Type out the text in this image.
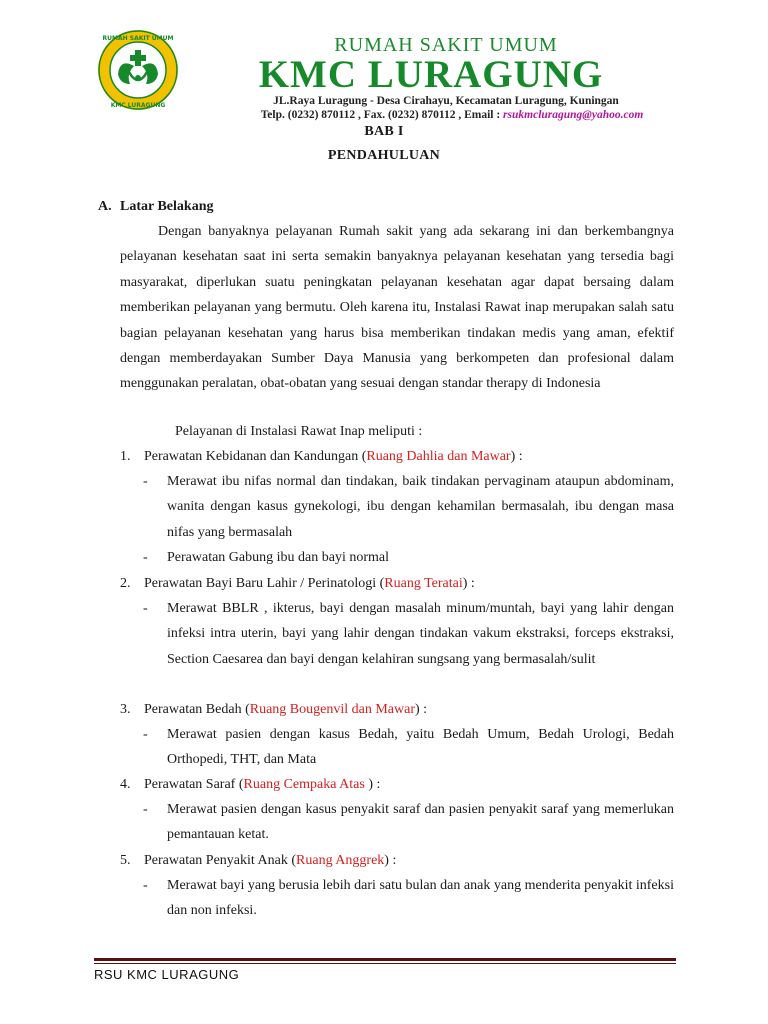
RUMAH SAKIT UMUM
KMC LURAGUNG
RUMAH SAKIT UMUM
KMC LURAGUNG
JL.Raya Luragung - Desa Cirahayu, Kecamatan Luragung, Kuningan
Telp. (0232) 870112 , Fax. (0232) 870112 , Email : rsukmcluragung@yahoo.com
BAB I
PENDAHULUAN
A. Latar Belakang
Dengan banyaknya pelayanan Rumah sakit yang ada sekarang ini dan berkembangnya pelayanan kesehatan saat ini serta semakin banyaknya pelayanan kesehatan yang tersedia bagi masyarakat, diperlukan suatu peningkatan pelayanan kesehatan agar dapat bersaing dalam memberikan pelayanan yang bermutu. Oleh karena itu, Instalasi Rawat inap merupakan salah satu bagian pelayanan kesehatan yang harus bisa memberikan tindakan medis yang aman, efektif dengan memberdayakan Sumber Daya Manusia yang berkompeten dan profesional dalam menggunakan peralatan, obat-obatan yang sesuai dengan standar therapy di Indonesia
Pelayanan di Instalasi Rawat Inap meliputi :
1. Perawatan Kebidanan dan Kandungan (Ruang Dahlia dan Mawar) :
- Merawat ibu nifas normal dan tindakan, baik tindakan pervaginam ataupun abdominam, wanita dengan kasus gynekologi, ibu dengan kehamilan bermasalah, ibu dengan masa nifas yang bermasalah
- Perawatan Gabung ibu dan bayi normal
2. Perawatan Bayi Baru Lahir / Perinatologi (Ruang Teratai) :
- Merawat BBLR , ikterus, bayi dengan masalah minum/muntah, bayi yang lahir dengan infeksi intra uterin, bayi yang lahir dengan tindakan vakum ekstraksi, forceps ekstraksi, Section Caesarea dan bayi dengan kelahiran sungsang yang bermasalah/sulit
3. Perawatan Bedah (Ruang Bougenvil dan Mawar) :
- Merawat pasien dengan kasus Bedah, yaitu Bedah Umum, Bedah Urologi, Bedah Orthopedi, THT, dan Mata
4. Perawatan Saraf (Ruang Cempaka Atas ) :
- Merawat pasien dengan kasus penyakit saraf dan pasien penyakit saraf yang memerlukan pemantauan ketat.
5. Perawatan Penyakit Anak (Ruang Anggrek) :
- Merawat bayi yang berusia lebih dari satu bulan dan anak yang menderita penyakit infeksi dan non infeksi.
RSU KMC LURAGUNG
